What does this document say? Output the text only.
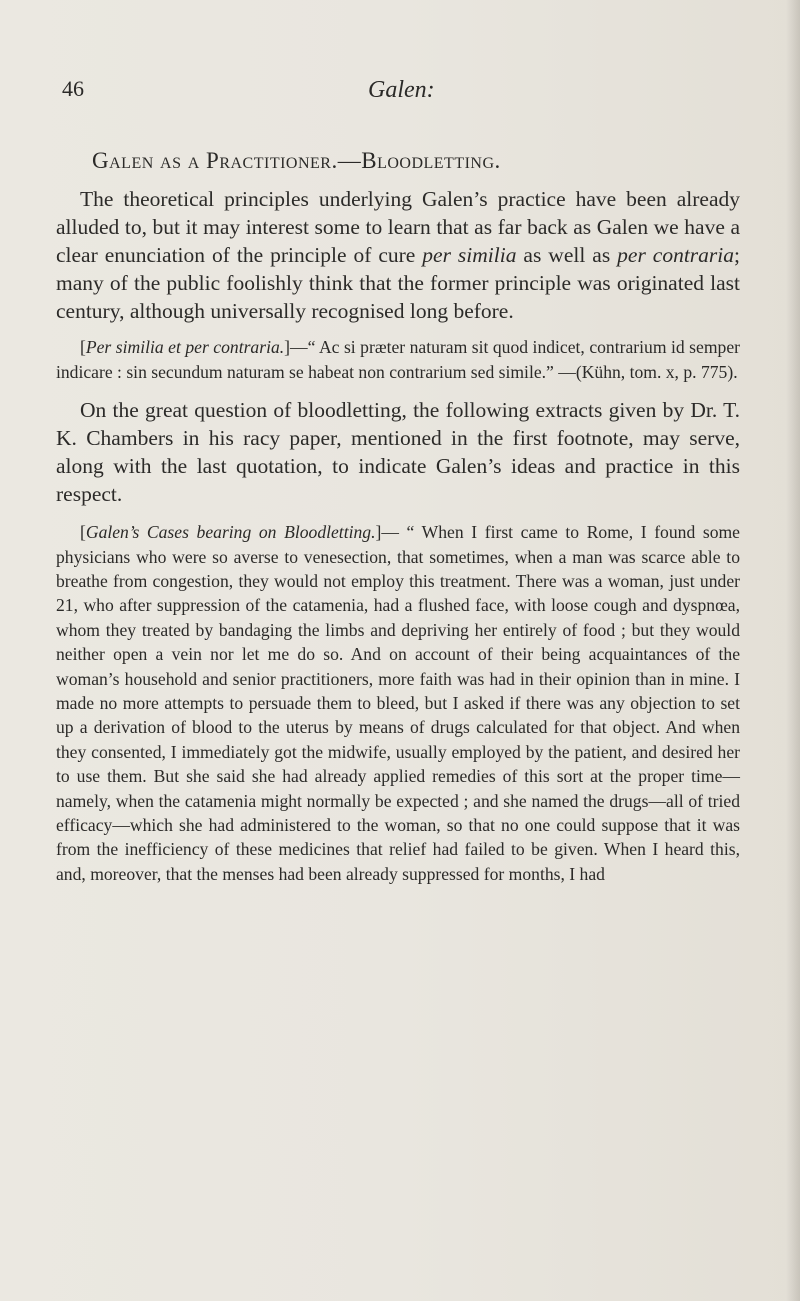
46	Galen:
Galen as a Practitioner.—Bloodletting.

The theoretical principles underlying Galen’s practice have been already alluded to, but it may interest some to learn that as far back as Galen we have a clear enunciation of the principle of cure per similia as well as per contraria; many of the public foolishly think that the former principle was originated last century, although universally recognised long before.

[Per similia et per contraria.]—“ Ac si præter naturam sit quod indicet, contrarium id semper indicare : sin secundum naturam se habeat non contrarium sed simile.” —(Kühn, tom. x, p. 775).

On the great question of bloodletting, the following extracts given by Dr. T. K. Chambers in his racy paper, mentioned in the first footnote, may serve, along with the last quotation, to indicate Galen’s ideas and practice in this respect.

[Galen’s Cases bearing on Bloodletting.]— “ When I first came to Rome, I found some physicians who were so averse to venesection, that sometimes, when a man was scarce able to breathe from congestion, they would not employ this treatment. There was a woman, just under 21, who after suppression of the catamenia, had a flushed face, with loose cough and dyspnœa, whom they treated by bandaging the limbs and depriving her entirely of food ; but they would neither open a vein nor let me do so. And on account of their being acquaintances of the woman’s household and senior practitioners, more faith was had in their opinion than in mine. I made no more attempts to persuade them to bleed, but I asked if there was any objection to set up a derivation of blood to the uterus by means of drugs calculated for that object. And when they consented, I immediately got the midwife, usually employed by the patient, and desired her to use them. But she said she had already applied remedies of this sort at the proper time—namely, when the catamenia might normally be expected ; and she named the drugs—all of tried efficacy—which she had administered to the woman, so that no one could suppose that it was from the inefficiency of these medicines that relief had failed to be given. When I heard this, and, moreover, that the menses had been already suppressed for months, I had
